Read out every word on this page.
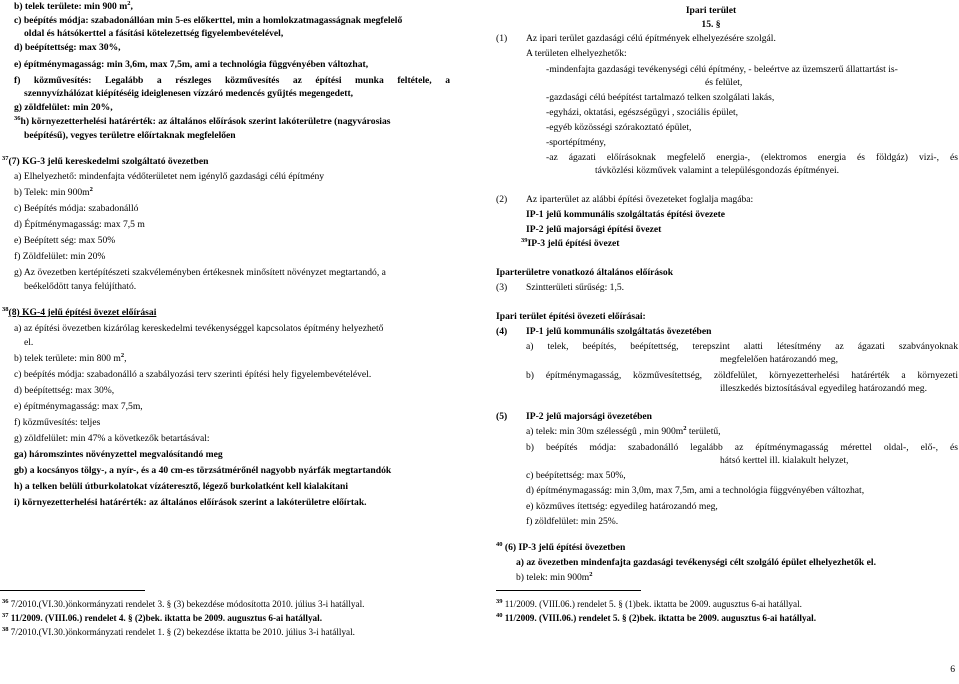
b) telek területe: min 900 $m^2$,
c) beépítés módja: szabadonállóan min 5-es előkerttel, min a homlokzatmagasságnak megfelelő
oldal és hátsókerttel a fásítási kötelezettség figyelembevételével,
d) beépítettség: max 30%,
e) építménymagasság: min 3,6m, max 7,5m, ami a technológia függvényében változhat,
f) közművesítés: Legalább a részleges közművesítés az építési munka feltétele, a
szennyvízhálózat kiépítéséig ideiglenesen vízzáró medencés gyűjtés megengedett,
g) zöldfelület: min 20%,
$^{36}$h) környezetterhelési határérték: az általános előírások szerint lakóterületre (nagyvárosias
beépítésű), vegyes területre előírtaknak megfelelően
$^{37}$(7) KG-3 jelű kereskedelmi szolgáltató övezetben
a) Elhelyezhető: mindenfajta védőterületet nem igénylő gazdasági célú építmény
b) Telek: $\min 900m^2$
c) Beépítés módja: szabadonálló
d) Építménymagasság: max 7,5 m
e) Beépített ség: max 50%
f) Zöldfelület: min 20%
g) Az övezetben kertépítészeti szakvéleményben értékesnek minősített növényzet megtartandó, a
beékelődött tanya felújítható.
$^{38}$(8) KG-4 jelű építési övezet előírásai
a) az építési övezetben kizárólag kereskedelmi tevékenységgel kapcsolatos építmény helyezhető
el.
b) telek területe: min 800 $m^2$,
c) beépítés módja: szabadonálló a szabályozási terv szerinti építési hely figyelembevételével.
d) beépítettség: max 30%,
e) építménymagasság: max 7,5m,
f) közművesítés: teljes
g) zöldfelület: min 47% a következők betartásával:
ga) háromszintes növényzettel megvalósítandó meg
gb) a kocsányos tölgy-, a nyír-, és a 40 cm-es törzsátmérőnél nagyobb nyárfák megtartandók
h) a telken belüli útburkolatokat vízáteresztő, légező burkolatként kell kialakítani
i) környezetterhelési határérték: az általános előírások szerint a lakóterületre előírtak.
$^{36}$ 7/2010.(VI.30.)önkormányzati rendelet 3. § (3) bekezdése módosította 2010. július 3-i hatállyal.
$^{37}$ 11/2009. (VIII.06.) rendelet 4. § (2)bek. iktatta be 2009. augusztus 6-ai hatállyal.
$^{38}$ 7/2010.(VI.30.)önkormányzati rendelet 1. § (2) bekezdése iktatta be 2010. július 3-i hatállyal.
Ipari terület
15. §
(1) Az ipari terület gazdasági célú építmények elhelyezésére szolgál.
A területen elhelyezhetők:
-mindenfajta gazdasági tevékenységi célú építmény, - beleértve az üzemszerű állattartást is-
és felület,
-gazdasági célú beépítést tartalmazó telken szolgálati lakás,
-egyházi, oktatási, egészségügyi , szociális épület,
-egyéb közösségi szórakoztató épület,
-sportépítmény,
-az ágazati előírásoknak megfelelő energia-, (elektromos energia és földgáz) vizi-, és
távközlési közművek valamint a településgondozás építményei.
(2) Az iparterület az alábbi építési övezeteket foglalja magába:
IP-1 jelű kommunális szolgáltatás építési övezete
IP-2 jelű majorsági építési övezet
$^{39}$IP-3 jelű építési övezet
Iparterületre vonatkozó általános előírások
(3) Szintterületi sűrűség: 1,5.
Ipari terület építési övezeti előírásai:
(4) IP-1 jelű kommunális szolgáltatás övezetében
a) telek, beépítés, beépítettség, terepszint alatti létesítmény az ágazati szabványoknak
megfelelően határozandó meg,
b) építménymagasság, közművesítettség, zöldfelület, környezetterhelési határérték a környezeti
illeszkedés biztosításával egyedileg határozandó meg.
(5) IP-2 jelű majorsági övezetében
a) telek: min 30m szélességû , $\min 900m^2$ területű,
b) beépítés módja: szabadonálló legalább az építménymagasság mérettel oldal-, elő-, és
hátsó kerttel ill. kialakult helyzet,
c) beépítettség: max 50%,
d) építménymagasság: min 3,0m, max 7,5m, ami a technológia függvényében változhat,
e) közműves ítettség: egyedileg határozandó meg,
f) zöldfelület: min 25%.
$^{40}$ (6) IP-3 jelű építési övezetben
a) az övezetben mindenfajta gazdasági tevékenységi célt szolgáló épület elhelyezhetők el.
b) telek: $\min 900m^2$
$^{39}$ 11/2009. (VIII.06.) rendelet 5. § (1)bek. iktatta be 2009. augusztus 6-ai hatállyal.
$^{40}$ 11/2009. (VIII.06.) rendelet 5. § (2)bek. iktatta be 2009. augusztus 6-ai hatállyal.
6
